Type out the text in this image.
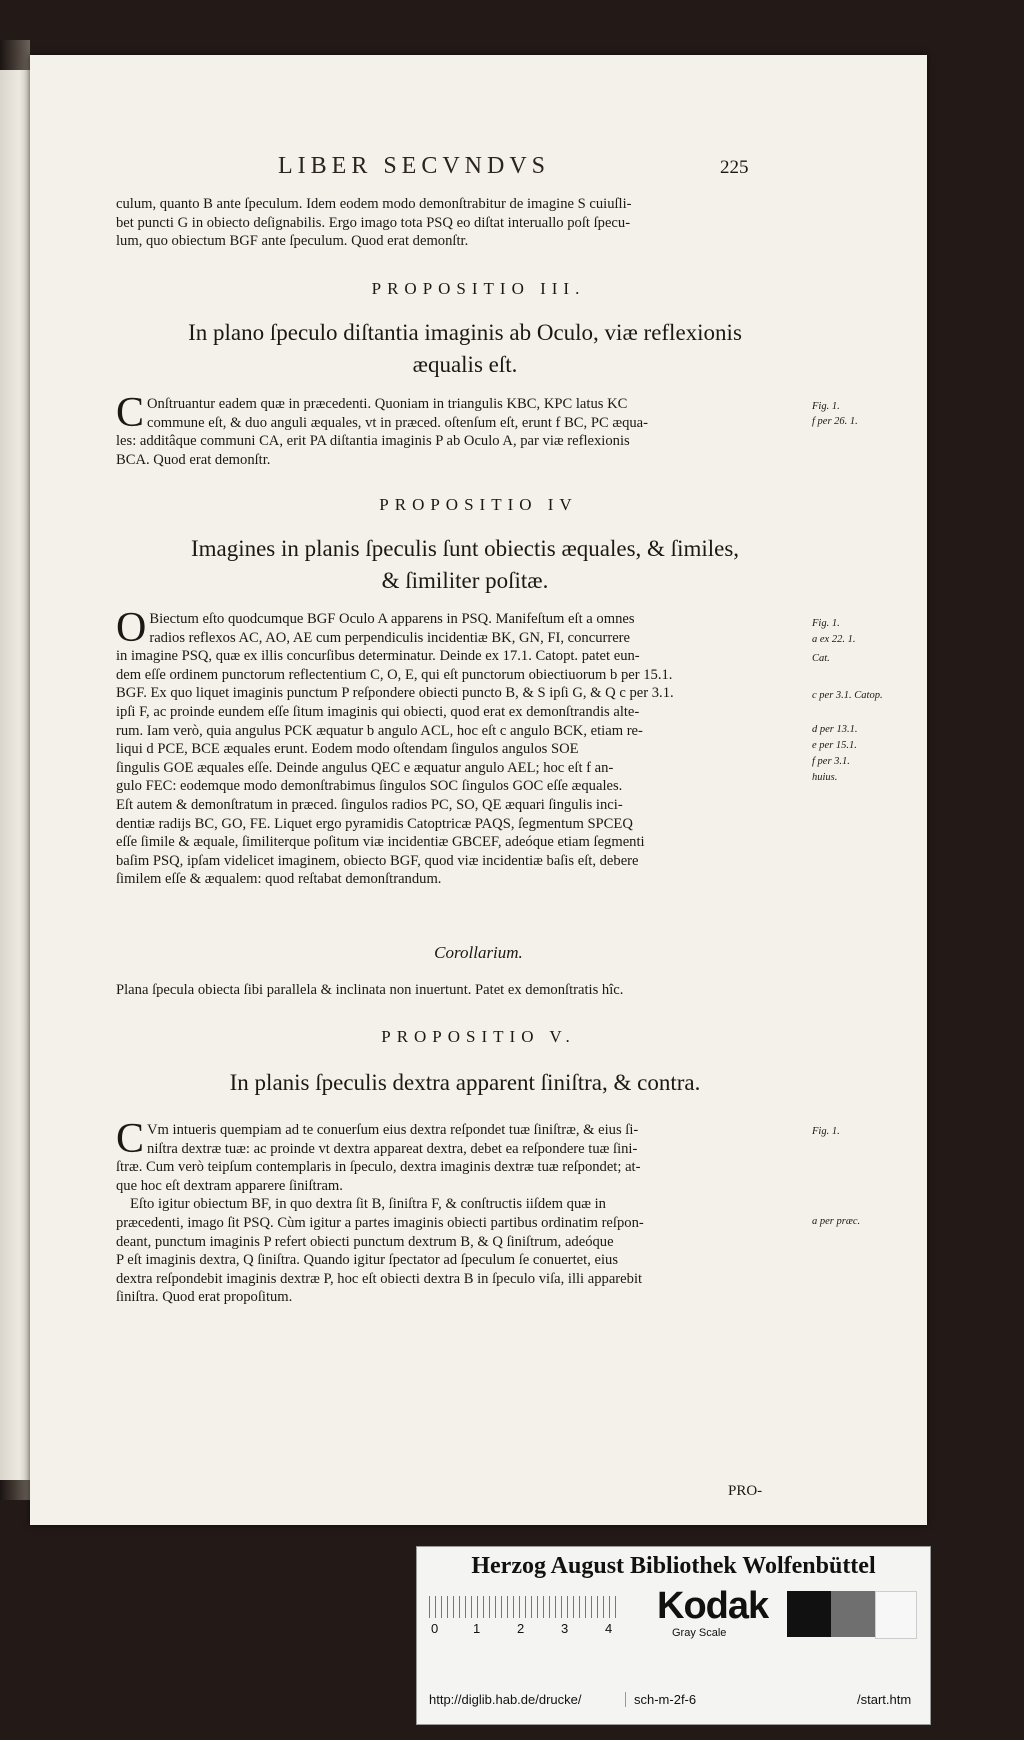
LIBER SECVNDVS	225
culum, quanto B ante ſpeculum. Idem eodem modo demonſtrabitur de imagine S cuiuſli-
bet puncti G in obiecto deſignabilis. Ergo imago tota PSQ eo diſtat interuallo poſt ſpecu-
lum, quo obiectum BGF ante ſpeculum. Quod erat demonſtr.
PROPOSITIO III.
In plano ſpeculo diſtantia imaginis ab Oculo, viæ reflexionis
æqualis eſt.
C Onſtruantur eadem quæ in præcedenti. Quoniam in triangulis KBC, KPC latus KC
commune eſt, & duo anguli æquales, vt in præced. oſtenſum eſt, erunt f BC, PC æqua-
les: additâque communi CA, erit PA diſtantia imaginis P ab Oculo A, par viæ reflexionis
BCA. Quod erat demonſtr.
Fig. 1.
f per 26. 1.
PROPOSITIO IV
Imagines in planis ſpeculis ſunt obiectis æquales, & ſimiles,
& ſimiliter poſitæ.
O Biectum eſto quodcumque BGF Oculo A apparens in PSQ. Manifeſtum eſt a omnes
radios reflexos AC, AO, AE cum perpendiculis incidentiæ BK, GN, FI, concurrere
in imagine PSQ, quæ ex illis concurſibus determinatur. Deinde ex 17.1. Catopt. patet eun-
dem eſſe ordinem punctorum reflectentium C, O, E, qui eſt punctorum obiectiuorum b per 15.1.
BGF. Ex quo liquet imaginis punctum P reſpondere obiecti puncto B, & S ipſi G, & Q c per 3.1.
ipſi F, ac proinde eundem eſſe ſitum imaginis qui obiecti, quod erat ex demonſtrandis alte-
rum. Iam verò, quia angulus PCK æquatur b angulo ACL, hoc eſt c angulo BCK, etiam re-
liqui d PCE, BCE æquales erunt. Eodem modo oſtendam ſingulos angulos SOE
ſingulis GOE æquales eſſe. Deinde angulus QEC e æquatur angulo AEL; hoc eſt f an-
gulo FEC: eodemque modo demonſtrabimus ſingulos SOC ſingulos GOC eſſe æquales.
Eſt autem & demonſtratum in præced. ſingulos radios PC, SO, QE æquari ſingulis inci-
dentiæ radijs BC, GO, FE. Liquet ergo pyramidis Catoptricæ PAQS, ſegmentum SPCEQ
eſſe ſimile & æquale, ſimiliterque poſitum viæ incidentiæ GBCEF, adeóque etiam ſegmenti
baſim PSQ, ipſam videlicet imaginem, obiecto BGF, quod viæ incidentiæ baſis eſt, debere
ſimilem eſſe & æqualem: quod reſtabat demonſtrandum.
Fig. 1.
a ex 22. 1.
Cat.
c per 3.1. Catop.
d per 13.1.
e per 15.1.
f per 3.1.
huius.
Corollarium.
Plana ſpecula obiecta ſibi parallela & inclinata non inuertunt. Patet ex demonſtratis hîc.
PROPOSITIO V.
In planis ſpeculis dextra apparent ſiniſtra, & contra.
C Vm intueris quempiam ad te conuerſum eius dextra reſpondet tuæ ſiniſtræ, & eius ſi-
niſtra dextræ tuæ: ac proinde vt dextra appareat dextra, debet ea reſpondere tuæ ſini-
ſtræ. Cum verò teipſum contemplaris in ſpeculo, dextra imaginis dextræ tuæ reſpondet; at-
que hoc eſt dextram apparere ſiniſtram.
Eſto igitur obiectum BF, in quo dextra ſit B, ſiniſtra F, & conſtructis iiſdem quæ in
præcedenti, imago ſit PSQ. Cùm igitur a partes imaginis obiecti partibus ordinatim reſpon-
deant, punctum imaginis P refert obiecti punctum dextrum B, & Q ſiniſtrum, adeóque
P eſt imaginis dextra, Q ſiniſtra. Quando igitur ſpectator ad ſpeculum ſe conuertet, eius
dextra reſpondebit imaginis dextræ P, hoc eſt obiecti dextra B in ſpeculo viſa, illi apparebit
ſiniſtra. Quod erat propoſitum.
Fig. 1.
a per præc.
PRO-
Herzog August Bibliothek Wolfenbüttel
0	1	2	3	4
Kodak
Gray Scale
http://diglib.hab.de/drucke/	sch-m-2f-6	/start.htm
